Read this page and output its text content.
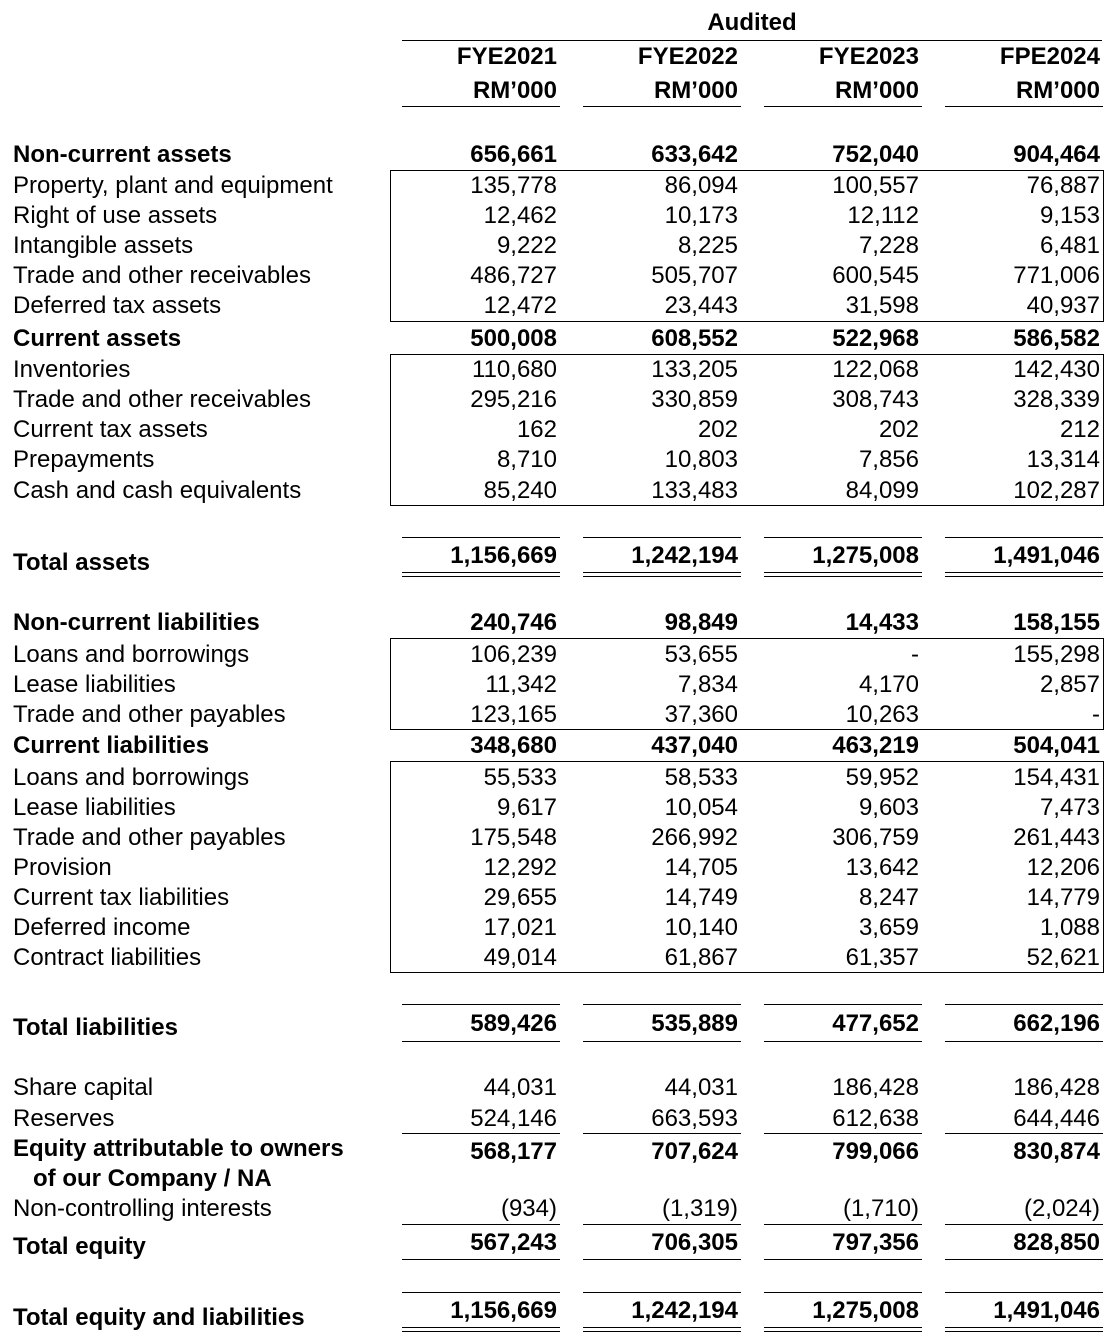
Audited
FYE2021	FYE2022	FYE2023	FPE2024
RM’000	RM’000	RM’000	RM’000
Non-current assets	656,661	633,642	752,040	904,464
Property, plant and equipment	135,778	86,094	100,557	76,887
Right of use assets	12,462	10,173	12,112	9,153
Intangible assets	9,222	8,225	7,228	6,481
Trade and other receivables	486,727	505,707	600,545	771,006
Deferred tax assets	12,472	23,443	31,598	40,937
Current assets	500,008	608,552	522,968	586,582
Inventories	110,680	133,205	122,068	142,430
Trade and other receivables	295,216	330,859	308,743	328,339
Current tax assets	162	202	202	212
Prepayments	8,710	10,803	7,856	13,314
Cash and cash equivalents	85,240	133,483	84,099	102,287
Total assets	1,156,669	1,242,194	1,275,008	1,491,046
Non-current liabilities	240,746	98,849	14,433	158,155
Loans and borrowings	106,239	53,655	-	155,298
Lease liabilities	11,342	7,834	4,170	2,857
Trade and other payables	123,165	37,360	10,263	-
Current liabilities	348,680	437,040	463,219	504,041
Loans and borrowings	55,533	58,533	59,952	154,431
Lease liabilities	9,617	10,054	9,603	7,473
Trade and other payables	175,548	266,992	306,759	261,443
Provision	12,292	14,705	13,642	12,206
Current tax liabilities	29,655	14,749	8,247	14,779
Deferred income	17,021	10,140	3,659	1,088
Contract liabilities	49,014	61,867	61,357	52,621
Total liabilities	589,426	535,889	477,652	662,196
Share capital	44,031	44,031	186,428	186,428
Reserves	524,146	663,593	612,638	644,446
Equity attributable to owners
of our Company / NA
568,177	707,624	799,066	830,874
Non-controlling interests	(934)	(1,319)	(1,710)	(2,024)
Total equity	567,243	706,305	797,356	828,850
Total equity and liabilities	1,156,669	1,242,194	1,275,008	1,491,046
